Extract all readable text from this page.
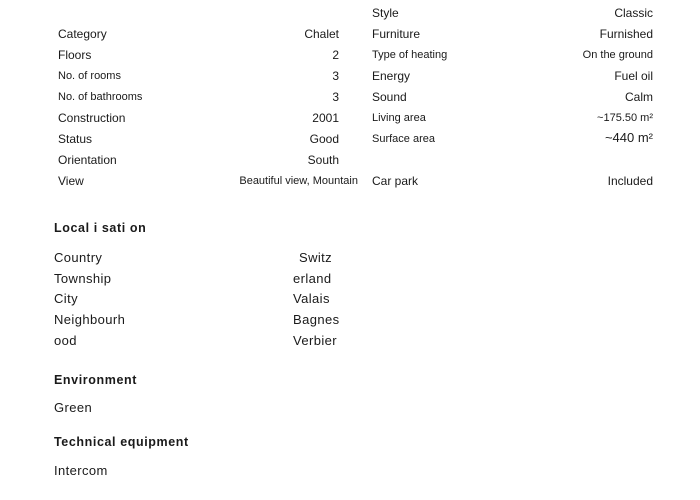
Category	Chalet
Floors	2
No. of rooms	3
No. of bathrooms	3
Construction	2001
Status	Good
Orientation	South
View	Beautiful view, Mountain
Style	Classic
Furniture	Furnished
Type of heating	On the ground
Energy	Fuel oil
Sound	Calm
Living area	~175.50 m²
Surface area	~440 m²
Car park	Included
Local i sati on
Country	Switz
Township	erland
City	Valais
Neighbourh	Bagnes
ood	Verbier
Environment
Green
Technical equipment
Intercom
